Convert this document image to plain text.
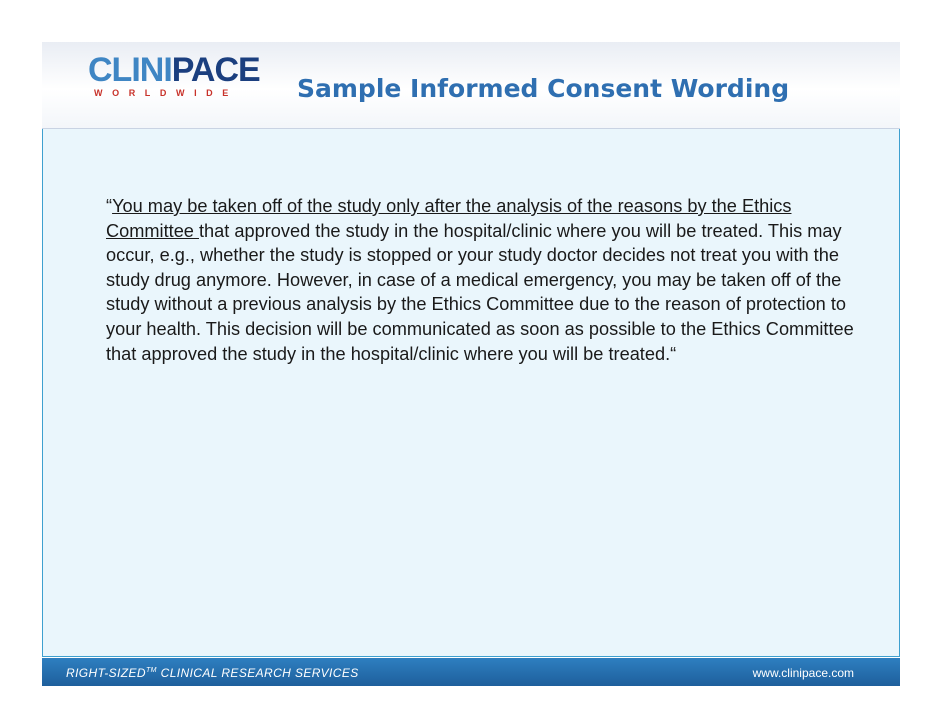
CLINIPACE
WORLDWIDE Sample Informed Consent Wording
“You may be taken off of the study only after the analysis of the reasons by the Ethics Committee that approved the study in the hospital/clinic where you will be treated. This may occur, e.g., whether the study is stopped or your study doctor decides not treat you with the study drug anymore. However, in case of a medical emergency, you may be taken off of the study without a previous analysis by the Ethics Committee due to the reason of protection to your health. This decision will be communicated as soon as possible to the Ethics Committee that approved the study in the hospital/clinic where you will be treated.“
RIGHT-SIZED™ CLINICAL RESEARCH SERVICES	www.clinipace.com
